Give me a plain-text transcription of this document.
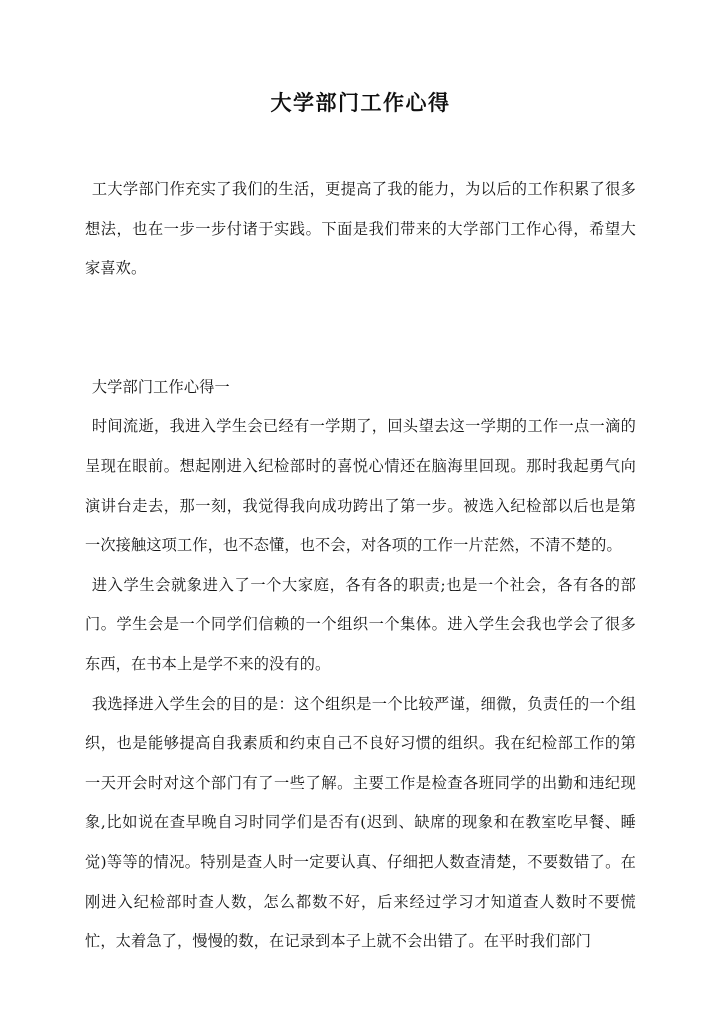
大学部门工作心得

工大学部门作充实了我们的生活，更提高了我的能力，为以后的工作积累了很多想法，也在一步一步付诸于实践。下面是我们带来的大学部门工作心得，希望大家喜欢。

大学部门工作心得一

时间流逝，我进入学生会已经有一学期了，回头望去这一学期的工作一点一滴的呈现在眼前。想起刚进入纪检部时的喜悦心情还在脑海里回现。那时我起勇气向演讲台走去，那一刻，我觉得我向成功跨出了第一步。被选入纪检部以后也是第一次接触这项工作，也不态懂，也不会，对各项的工作一片茫然，不清不楚的。

进入学生会就象进入了一个大家庭，各有各的职责;也是一个社会，各有各的部门。学生会是一个同学们信赖的一个组织一个集体。进入学生会我也学会了很多东西，在书本上是学不来的没有的。

我选择进入学生会的目的是：这个组织是一个比较严谨，细微，负责任的一个组织，也是能够提高自我素质和约束自己不良好习惯的组织。我在纪检部工作的第一天开会时对这个部门有了一些了解。主要工作是检查各班同学的出勤和违纪现象,比如说在查早晚自习时同学们是否有(迟到、缺席的现象和在教室吃早餐、睡觉)等等的情况。特别是查人时一定要认真、仔细把人数查清楚，不要数错了。在刚进入纪检部时查人数，怎么都数不好，后来经过学习才知道查人数时不要慌忙，太着急了，慢慢的数，在记录到本子上就不会出错了。在平时我们部门
